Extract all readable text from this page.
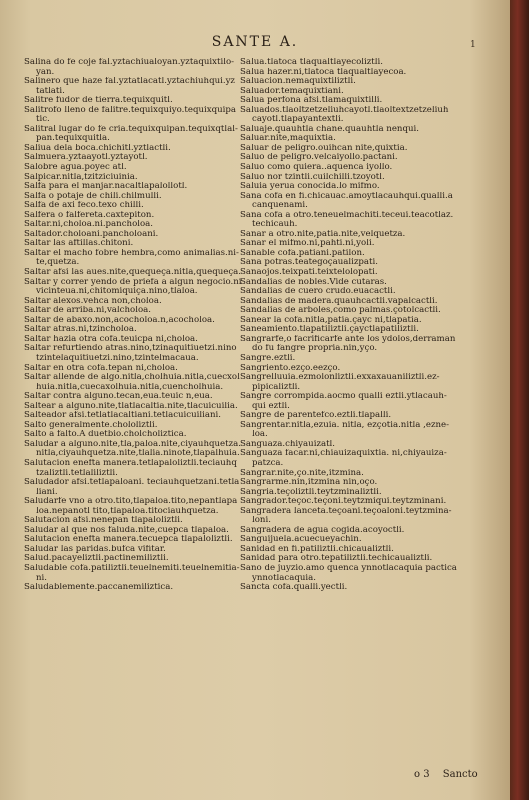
SANTE A.	1
Salina do fe coje fal.yztachiualoyan.yztaquixtilo-
yan.
Salinero que haze fal.yztatlacatl.yztachiuhqui.yz
tatlati.
Salitre fudor de tierra.tequixquitl.
Salitrofo lleno de falitre.tequixquiyo.tequixquipa
tic.
Salitral lugar do fe cria.tequixquipan.tequixqtlal-
pan.tequixquitla.
Saliua dela boca.chichitl.yztlactli.
Salmuera.yztaayotl.yztayotl.
Salobre agua.poyec atl.
Salpicar.nitla,tzitziciuinia.
Salfa para el manjar.nacaltlapalollotl.
Salfa o potaje de chili.chilmulli.
Salfa de axi feco.texo chilli.
Salfera o falfereta.caxtepiton.
Saltar.ni,choloa.ni.pancholoa.
Saltador.choloani.pancholoani.
Saltar las aftillas.chitoni.
Saltar el macho fobre hembra,como animalias.ni-
te,quetza.
Saltar afsi las aues.nite,quequeça.nitla,quequeça.
Saltar y correr yendo de priefa a algun negocio.ni
vicinteua.ni,chitomiquiça.nino,tlaloa.
Saltar alexos.vehca non,choloa.
Saltar de arriba.ni,valcholoa.
Saltar de abaxo.non,acocholoa.n,acocholoa.
Saltar atras.ni,tzincholoa.
Saltar hazia otra cofa.teuicpa ni,choloa.
Saltar refurtiendo atras.nino,tzinaquitiuetzi.nino
tzintelaquitiuetzi.nino,tzintelmacaua.
Saltar en otra cofa.tepan ni,choloa.
Saltar allende de algo.nitla,cholhuia.nitla,cuecxol
huia.nitla,cuecaxolhuia.nitla,cuencholhuia.
Saltar contra alguno.tecan,eua.teuic n,eua.
Saltear a alguno.nite,tlatlacaltia.nite,tlacuicuilia.
Salteador afsi.tetlatlacaltiani.tetlacuicuiliani.
Salto generalmente.chololiztli.
Salto a falto.A duetbio.cholcholiztica.
Saludar a alguno.nite,tla,paloa.nite,ciyauhquetza.
nitla,ciyauhquetza.nite,tlalia.ninote,tlapalhuia.
Salutacion enefta manera.tetlapaloliztli.teciauhq
tzaliztli.tetlaliliztli.
Saludador afsi.tetlapaloani. teciauhquetzani.tetla
liani.
Saludarfe vno a otro.tito,tlapaloa.tito,nepantlapa
loa.nepanotl tito,tlapaloa.titociauhquetza.
Salutacion afsi.nenepan tlapaloliztli.
Saludar al que nos faluda.nite,cuepca tlapaloa.
Salutacion enefta manera.tecuepca tlapaloliztli.
Saludar las paridas.bufca vifitar.
Salud.pacayeliztli.pactinemiliztli.
Saludable cofa.patiliztli.teuelnemiti.teuelnemitia-
ni.
Saludablemente.paccanemiliztica.
Salua.tlatoca tlaqualtlayecoliztli.
Salua hazer.ni,tlatoca tlaqualtlayecoa.
Saluacion.nemaquixtiliztli.
Saluador.temaquixtiani.
Salua perfona afsi.tlamaquixtilli.
Saluados.tlaoltzetzeliuhcayotl.tlaoltextzetzeliuh
cayotl.tlapayantextli.
Saluaje.quauhtla chane.quauhtla nenqui.
Saluar.nite,maquixtia.
Saluar de peligro.ouihcan nite,quixtia.
Saluo de peligro.velcaiyollo.pactani.
Saluo como quiera..aquenca iyollo.
Saluo nor tzintli.cuilchilli.tzoyotl.
Saluia yerua conocida.lo mifmo.
Sana cofa en fi.chicauac.amoytlacauhqui.qualli.a
canquenami.
Sana cofa a otro.teneuelmachiti.teceui.teacotlaz.
techicauh.
Sanar a otro.nite,patia.nite,velquetza.
Sanar el mifmo.ni,pahti.ni,yoli.
Sanable cofa.patiani.patilon.
Sana potras.teategoçaualizpati.
Sanaojos.teixpati.teixtelolopati.
Sandalias de nobles.Vide cutaras.
Sandalias de cuero crudo.euacactli.
Sandalias de madera.quauhcactli.vapalcactli.
Sandalias de arboles,como palmas.çotolcactli.
Sanear la cofa.nitla,patia.çayc ni,tlapatia.
Saneamiento.tlapatiliztli.çayctlapatiliztli.
Sangrarfe,o facrificarfe ante los ydolos,derraman
do fu fangre propria.nin,yço.
Sangre.eztli.
Sangriento.ezço.eezço.
Sangrelluuia.ezmolonliztli.exxaxauaniliztli.ez-
pipicaliztli.
Sangre corrompida.aocmo qualli eztli.ytlacauh-
qui eztli.
Sangre de parentefco.eztli.tlapalli.
Sangrentar.nitla,ezuia. nitla, ezçotia.nitla ,ezne-
loa.
Sanguaza.chiyauizatl.
Sanguaza facar.ni,chiauizaquixtia. ni,chiyauiza-
patzca.
Sangrar.nite,ço.nite,itzmina.
Sangrarme.nin,itzmina nin,oço.
Sangria.teçoliztli.teytzminaliztli.
Sangrador.teçoc.teçoni.teytzmiqui.teytzminani.
Sangradera lanceta.teçoani.teçoaloni.teytzmina-
loni.
Sangradera de agua cogida.acoyoctli.
Sanguijuela.acuecueyachin.
Sanidad en fi.patiliztli.chicaualiztli.
Sanidad para otro.tepatiliztli.techicaualiztli.
Sano de juyzio.amo quenca ynnotlacaquia pactica
ynnotlacaquia.
Sancta cofa.qualli.yectli.
o 3 Sancto
